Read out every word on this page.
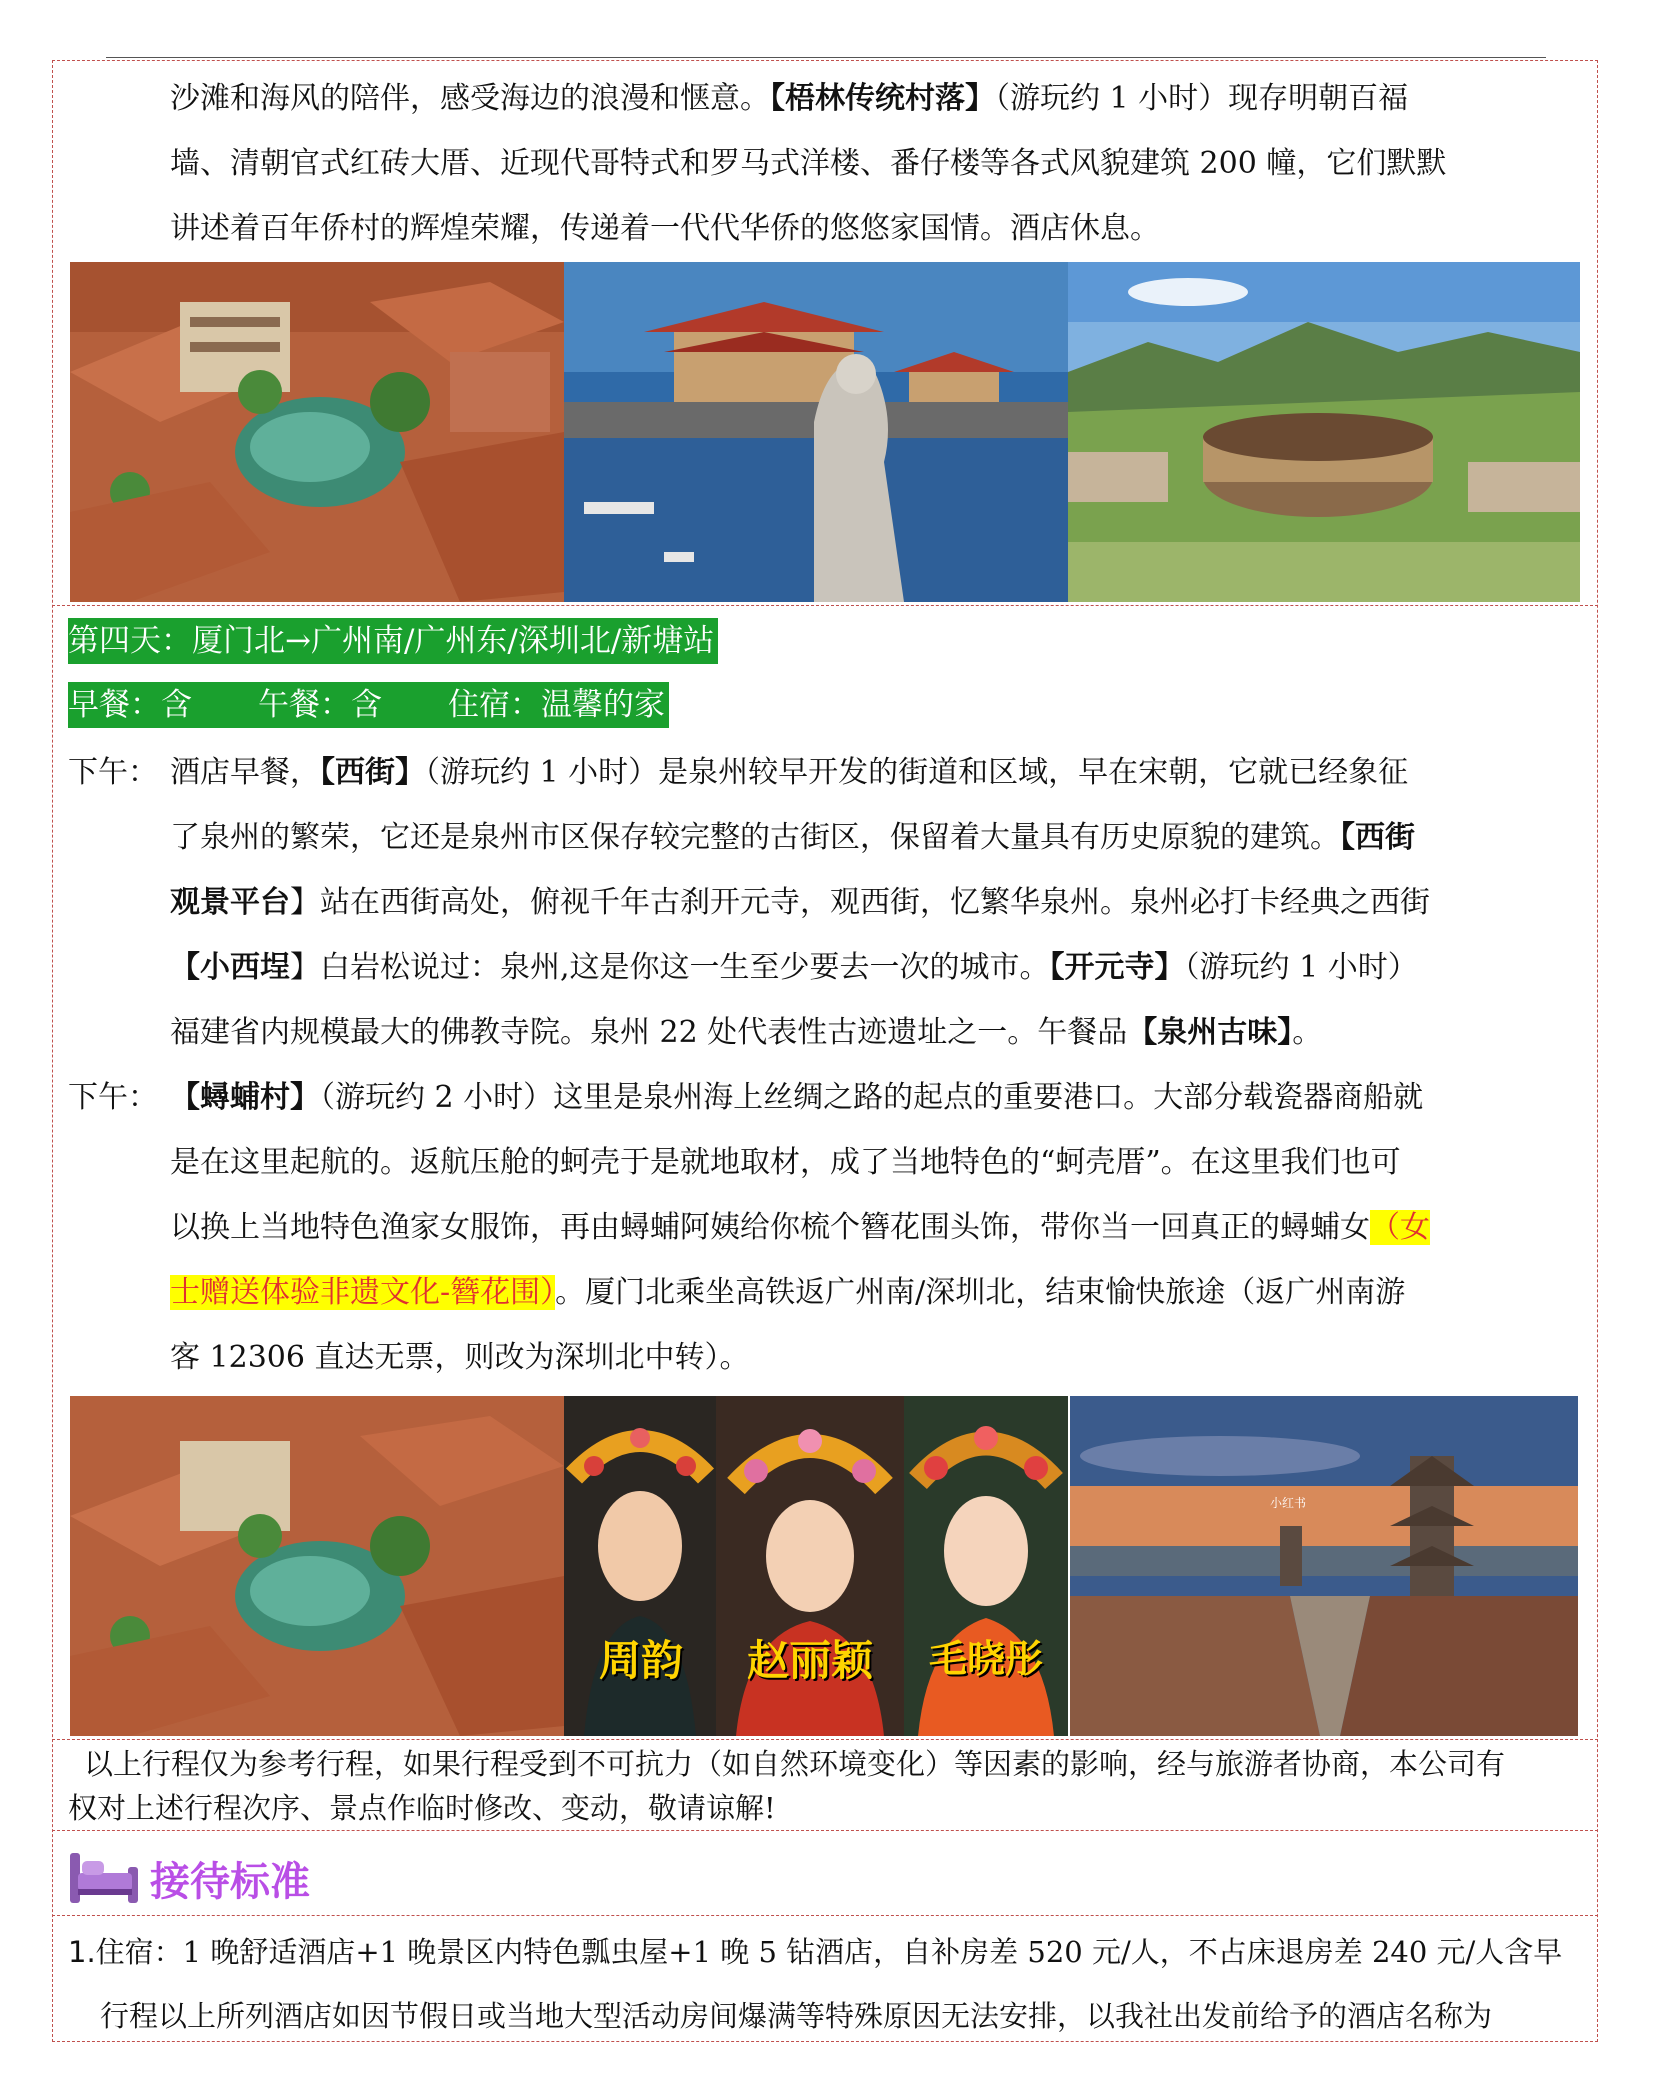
沙滩和海风的陪伴，感受海边的浪漫和惬意。【梧林传统村落】（游玩约 1 小时）现存明朝百福
墙、清朝官式红砖大厝、近现代哥特式和罗马式洋楼、番仔楼等各式风貌建筑 200 幢，它们默默
讲述着百年侨村的辉煌荣耀，传递着一代代华侨的悠悠家国情。酒店休息。
第四天：厦门北→广州南/广州东/深圳北/新塘站
早餐：含 午餐：含 住宿：温馨的家
下午： 酒店早餐，【西街】（游玩约 1 小时）是泉州较早开发的街道和区域，早在宋朝，它就已经象征
了泉州的繁荣，它还是泉州市区保存较完整的古街区，保留着大量具有历史原貌的建筑。【西街
观景平台】站在西街高处，俯视千年古刹开元寺，观西街，忆繁华泉州。泉州必打卡经典之西街
【小西埕】白岩松说过：泉州,这是你这一生至少要去一次的城市。【开元寺】（游玩约 1 小时）
福建省内规模最大的佛教寺院。泉州 22 处代表性古迹遗址之一。午餐品【泉州古味】。
下午： 【蟳蜅村】（游玩约 2 小时）这里是泉州海上丝绸之路的起点的重要港口。大部分载瓷器商船就
是在这里起航的。返航压舱的蚵壳于是就地取材，成了当地特色的“蚵壳厝”。在这里我们也可
以换上当地特色渔家女服饰，再由蟳蜅阿姨给你梳个簪花围头饰，带你当一回真正的蟳蜅女（女
士赠送体验非遗文化-簪花围）。厦门北乘坐高铁返广州南/深圳北，结束愉快旅途（返广州南游
客 12306 直达无票，则改为深圳北中转）。
周韵	赵丽颖	毛晓彤
小红书
以上行程仅为参考行程，如果行程受到不可抗力（如自然环境变化）等因素的影响，经与旅游者协商，本公司有
权对上述行程次序、景点作临时修改、变动，敬请谅解!
接待标准
1.住宿：1 晚舒适酒店+1 晚景区内特色瓢虫屋+1 晚 5 钻酒店，自补房差 520 元/人，不占床退房差 240 元/人含早
行程以上所列酒店如因节假日或当地大型活动房间爆满等特殊原因无法安排，以我社出发前给予的酒店名称为
